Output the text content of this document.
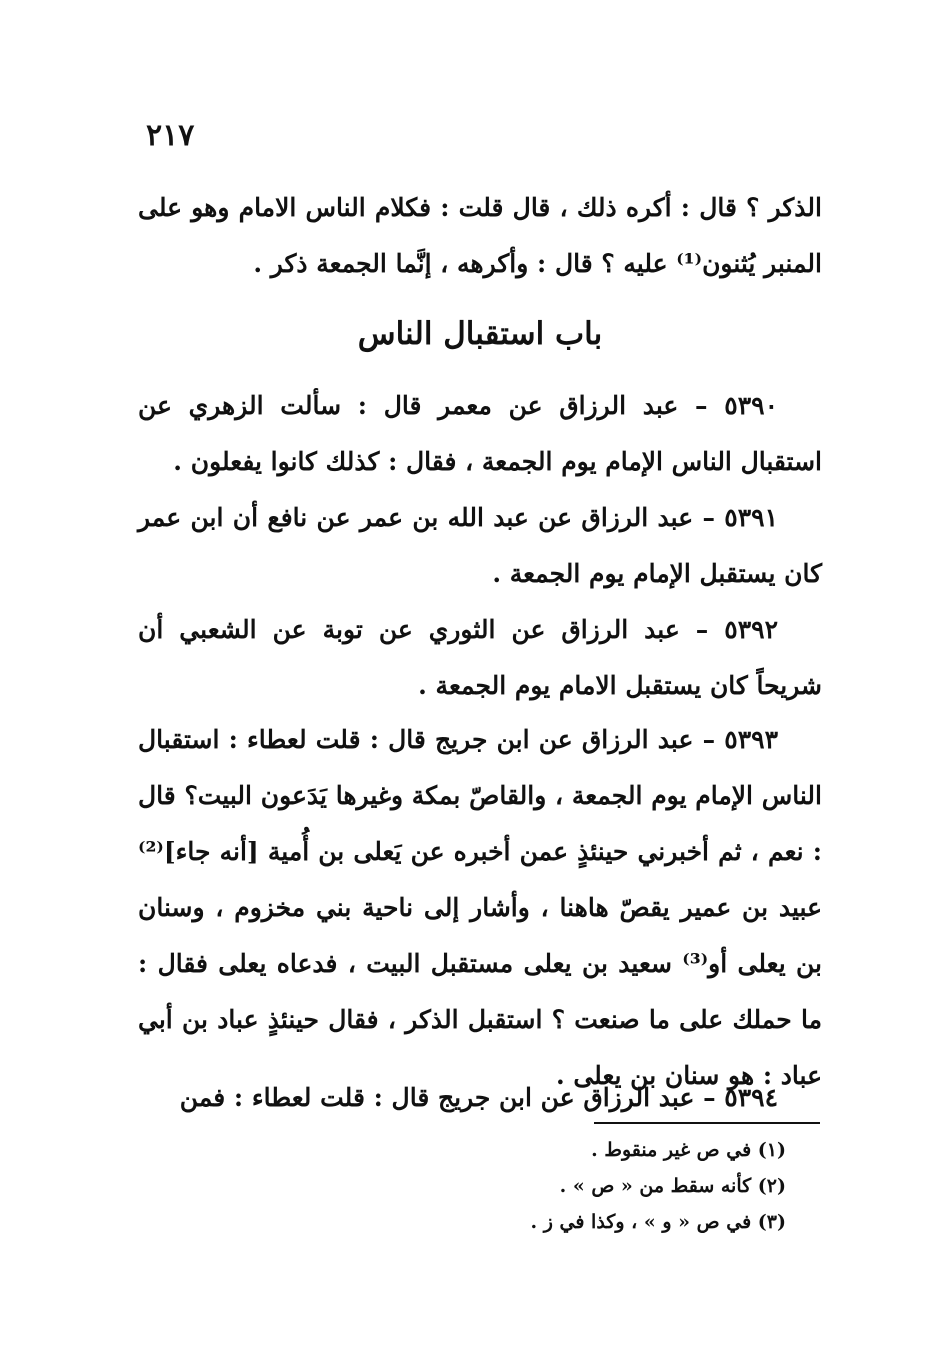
٢١٧
الذكر ؟ قال : أكره ذلك ، قال قلت : فكلام الناس الامام وهو على المنبر يُثنون⁽¹⁾ عليه ؟ قال : وأكرهه ، إنَّما الجمعة ذكر .
باب استقبال الناس
٥٣٩٠ – عبد الرزاق عن معمر قال : سألت الزهري عن استقبال الناس الإمام يوم الجمعة ، فقال : كذلك كانوا يفعلون .
٥٣٩١ – عبد الرزاق عن عبد الله بن عمر عن نافع أن ابن عمر كان يستقبل الإمام يوم الجمعة .
٥٣٩٢ – عبد الرزاق عن الثوري عن توبة عن الشعبي أن شريحاً كان يستقبل الامام يوم الجمعة .
٥٣٩٣ – عبد الرزاق عن ابن جريج قال : قلت لعطاء : استقبال الناس الإمام يوم الجمعة ، والقاصّ بمكة وغيرها يَدَعون البيت؟ قال : نعم ، ثم أخبرني حينئذٍ عمن أخبره عن يَعلى بن أُمية [أنه جاء]⁽²⁾ عبيد بن عمير يقصّ هاهنا ، وأشار إلى ناحية بني مخزوم ، وسنان بن يعلى أو⁽³⁾ سعيد بن يعلى مستقبل البيت ، فدعاه يعلى فقال : ما حملك على ما صنعت ؟ استقبل الذكر ، فقال حينئذٍ عباد بن أبي عباد : هو سنان بن يعلى .
٥٣٩٤ – عبد الرزاق عن ابن جريج قال : قلت لعطاء : فمن
(١) في ص غير منقوط .
(٢) كأنه سقط من « ص » .
(٣) في ص « و » ، وكذا في ز .
